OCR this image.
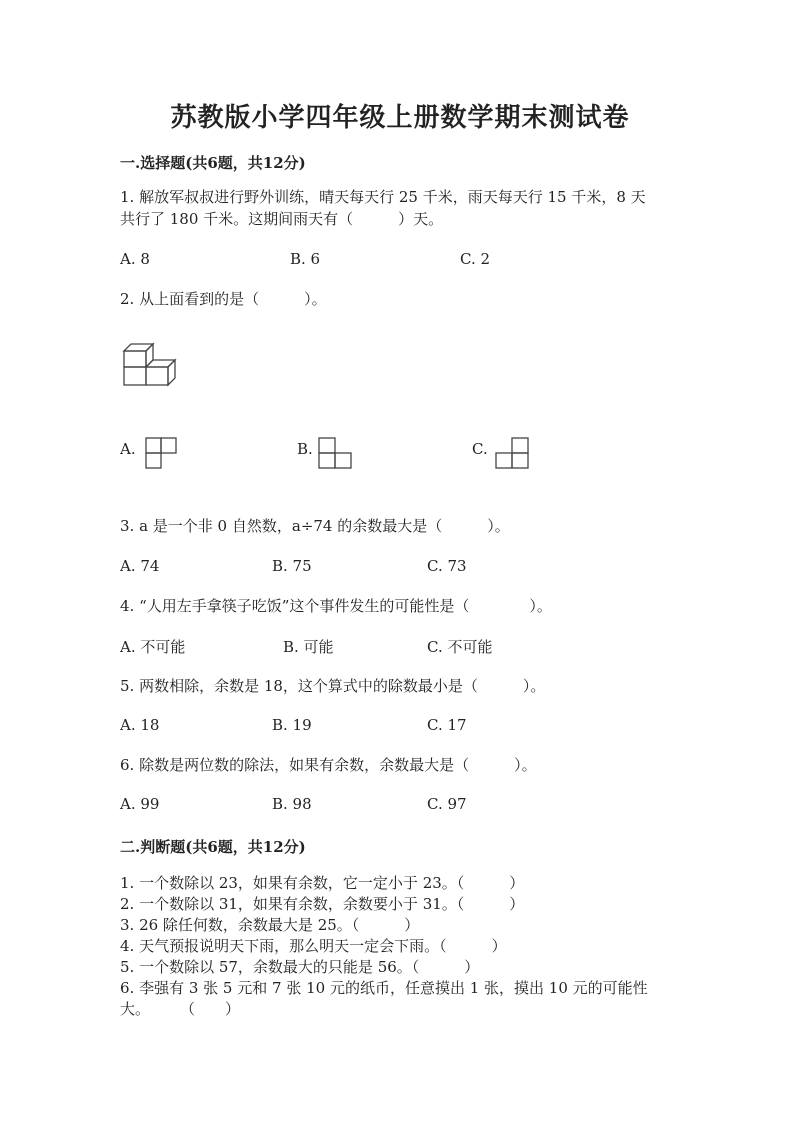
苏教版小学四年级上册数学期末测试卷
一.选择题(共6题，共12分)
1. 解放军叔叔进行野外训练，晴天每天行 25 千米，雨天每天行 15 千米，8 天
共行了 180 千米。这期间雨天有（　　　）天。
A. 8	B. 6	C. 2
2. 从上面看到的是（　　　）。
A.	B.	C.
3. a 是一个非 0 自然数，a÷74 的余数最大是（　　　）。
A. 74	B. 75	C. 73
4. “人用左手拿筷子吃饭”这个事件发生的可能性是（　　　　）。
A. 不可能	B. 可能	C. 不可能
5. 两数相除，余数是 18，这个算式中的除数最小是（　　　）。
A. 18	B. 19	C. 17
6. 除数是两位数的除法，如果有余数，余数最大是（　　　）。
A. 99	B. 98	C. 97
二.判断题(共6题，共12分)
1. 一个数除以 23，如果有余数，它一定小于 23。（　　　）
2. 一个数除以 31，如果有余数，余数要小于 31。（　　　）
3. 26 除任何数，余数最大是 25。（　　　）
4. 天气预报说明天下雨，那么明天一定会下雨。（　　　）
5. 一个数除以 57，余数最大的只能是 56。（　　　）
6. 李强有 3 张 5 元和 7 张 10 元的纸币，任意摸出 1 张，摸出 10 元的可能性
大。　　　（　　）
